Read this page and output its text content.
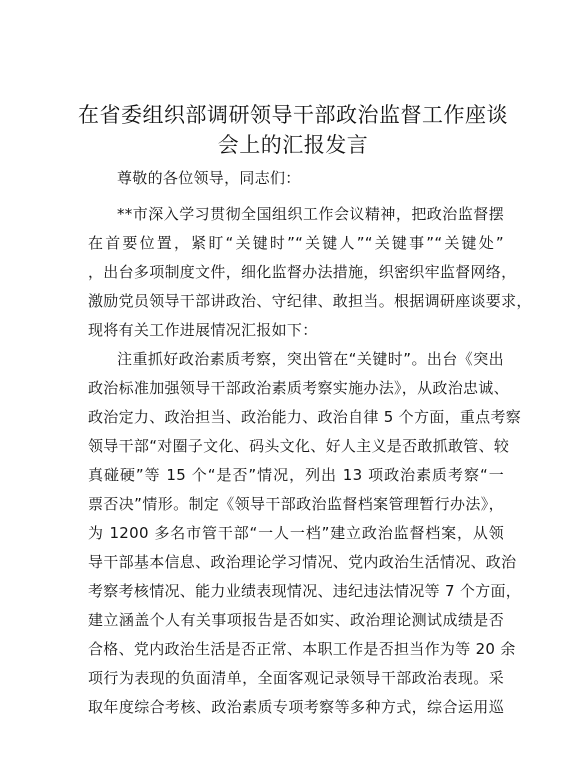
在省委组织部调研领导干部政治监督工作座谈
会上的汇报发言
尊敬的各位领导，同志们：
**市深入学习贯彻全国组织工作会议精神，把政治监督摆
在首要位置，紧盯“关键时”“关键人”“关键事”“关键处”
，出台多项制度文件，细化监督办法措施，织密织牢监督网络，
激励党员领导干部讲政治、守纪律、敢担当。根据调研座谈要求，
现将有关工作进展情况汇报如下：
注重抓好政治素质考察，突出管在“关键时”。出台《突出
政治标准加强领导干部政治素质考察实施办法》，从政治忠诚、
政治定力、政治担当、政治能力、政治自律 5 个方面，重点考察
领导干部“对圈子文化、码头文化、好人主义是否敢抓敢管、较
真碰硬”等 15 个“是否”情况，列出 13 项政治素质考察“一
票否决”情形。制定《领导干部政治监督档案管理暂行办法》，
为 1200 多名市管干部“一人一档”建立政治监督档案，从领
导干部基本信息、政治理论学习情况、党内政治生活情况、政治
考察考核情况、能力业绩表现情况、违纪违法情况等 7 个方面，
建立涵盖个人有关事项报告是否如实、政治理论测试成绩是否
合格、党内政治生活是否正常、本职工作是否担当作为等 20 余
项行为表现的负面清单，全面客观记录领导干部政治表现。采
取年度综合考核、政治素质专项考察等多种方式，综合运用巡
